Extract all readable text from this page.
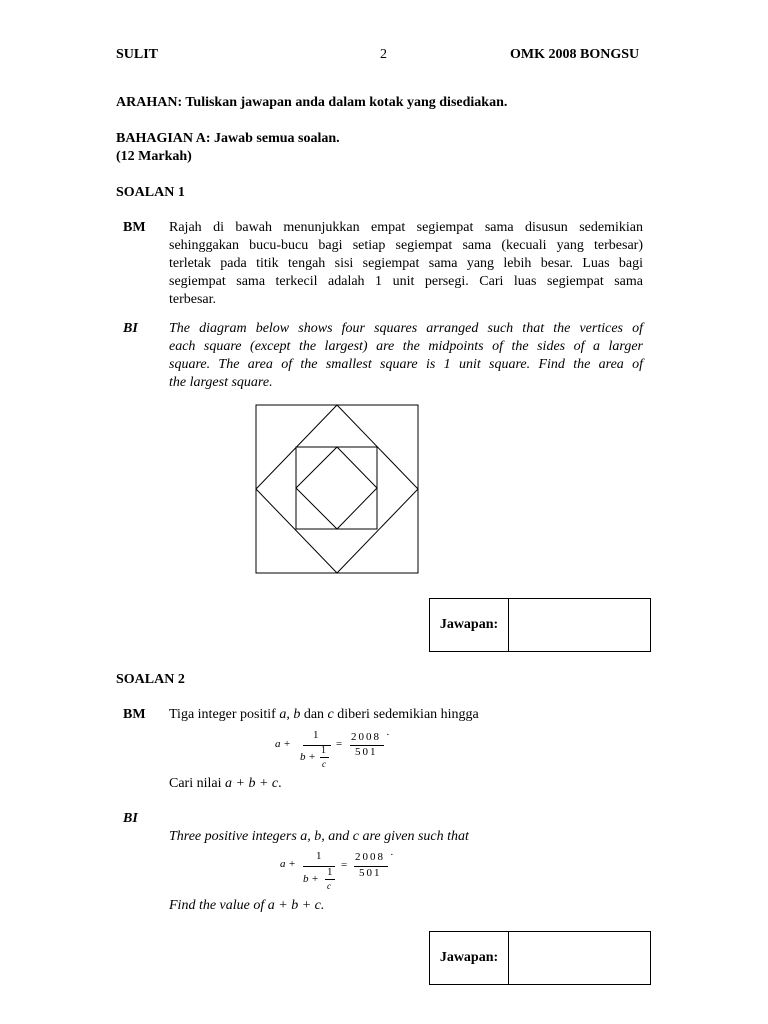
SULIT	2	OMK 2008 BONGSU
ARAHAN: Tuliskan jawapan anda dalam kotak yang disediakan.
BAHAGIAN A: Jawab semua soalan.
(12 Markah)
SOALAN 1
BM Rajah di bawah menunjukkan empat segiempat sama disusun sedemikian
sehinggakan bucu-bucu bagi setiap segiempat sama (kecuali yang terbesar)
terletak pada titik tengah sisi segiempat sama yang lebih besar. Luas bagi
segiempat sama terkecil adalah 1 unit persegi. Cari luas segiempat sama
terbesar.
BI The diagram below shows four squares arranged such that the vertices of
each square (except the largest) are the midpoints of the sides of a larger
square. The area of the smallest square is 1 unit square. Find the area of
the largest square.
Jawapan:
SOALAN 2
BM Tiga integer positif a, b dan c diberi sedemikian hingga
a +
1
b +
1
c
=
2008 ·
501
Cari nilai a + b + c.
BI
Three positive integers a, b, and c are given such that
a +
1
b +
1
c
=
2008 ·
501
Find the value of a + b + c.
Jawapan:
